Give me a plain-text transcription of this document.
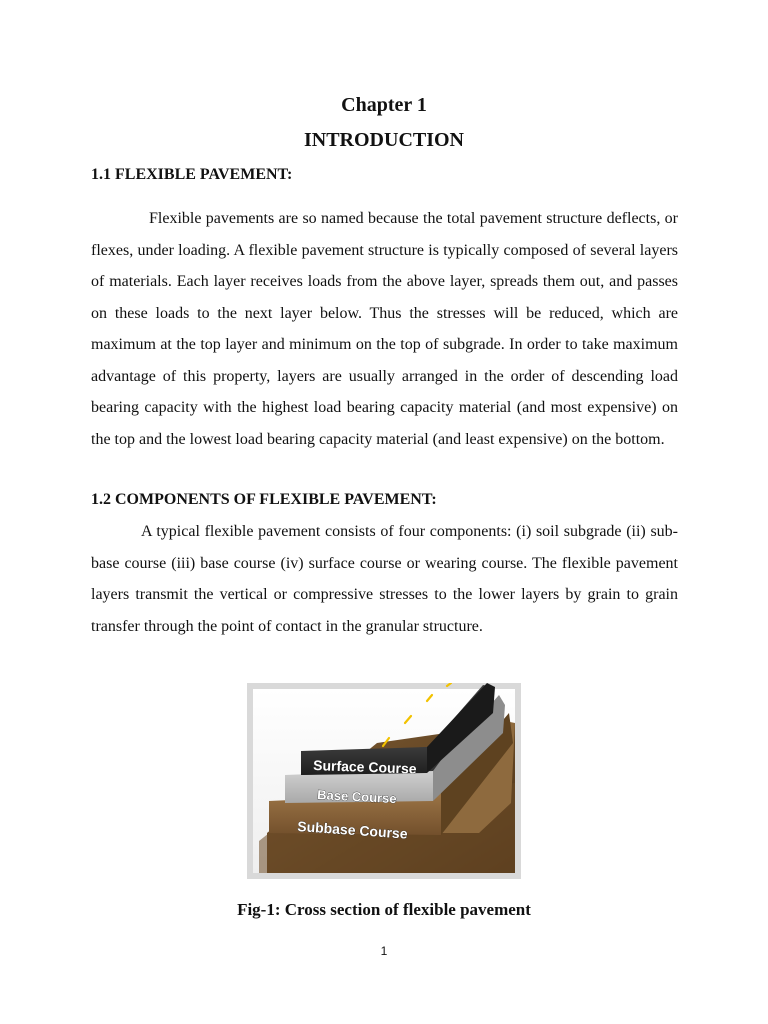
Chapter 1
INTRODUCTION
1.1 FLEXIBLE PAVEMENT:

Flexible pavements are so named because the total pavement structure deflects, or flexes, under loading. A flexible pavement structure is typically composed of several layers of materials. Each layer receives loads from the above layer, spreads them out, and passes on these loads to the next layer below. Thus the stresses will be reduced, which are maximum at the top layer and minimum on the top of subgrade. In order to take maximum advantage of this property, layers are usually arranged in the order of descending load bearing capacity with the highest load bearing capacity material (and most expensive) on the top and the lowest load bearing capacity material (and least expensive) on the bottom.

1.2 COMPONENTS OF FLEXIBLE PAVEMENT:

A typical flexible pavement consists of four components: (i) soil subgrade (ii) sub-base course (iii) base course (iv) surface course or wearing course. The flexible pavement layers transmit the vertical or compressive stresses to the lower layers by grain to grain transfer through the point of contact in the granular structure.

Surface Course
Base Course
Subbase Course
Fig-1: Cross section of flexible pavement
1
